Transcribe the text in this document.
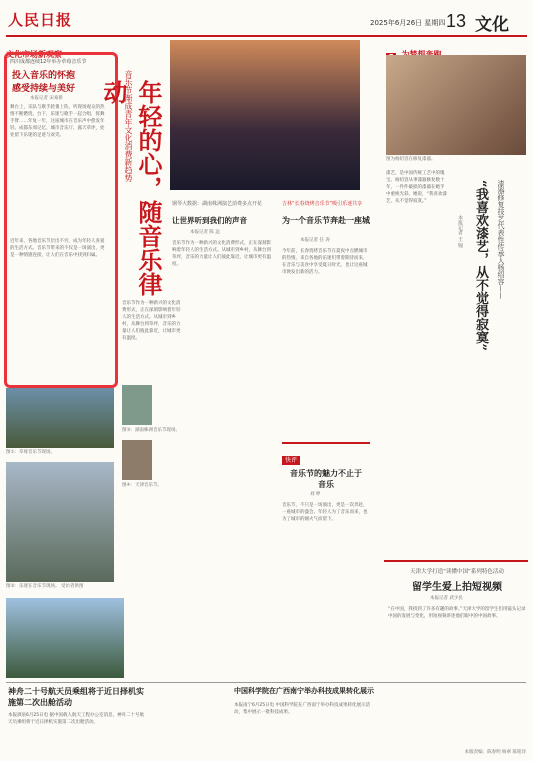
人民日报	2025年6月26日 星期四 13 文化
文化市场新观察
四川成都连续12年举办草莓音乐节
投入音乐的怀抱
感受持续与美好
本报记者 宋豪新
舞台上，乐队与歌手轮番上阵，听现场观众的热情不断燃烧，台下，乐迷与歌手一起合唱，挥舞手臂……年复一年，这座城市在音乐声中愈发年轻。成都东郊记忆、城市音乐厅、露天草坪，处处留下乐迷的足迹与欢笑。
近年来，各地音乐节层出不穷，成为年轻人喜爱的生活方式。音乐节带来的不仅是一场演出，更是一种情感连接，让人们在音乐中找到归属。
图①：草莓音乐节现场。
图②：乐迷在音乐节现场。 受访者供图
音乐节渐成青年文化消费新趋势 年轻的心，随音乐律动
音乐节作为一种新兴的文化消费形式，正在深刻影响着年轻人的生活方式。从城市到乡村，从舞台到草坪，音乐的力量让人们彼此靠近，让城市更有温度。
图③：湖南株洲音乐节现场。
图④：天津音乐节。
钢琴大数据：湖南株洲演艺消费多点开花
让世界听到我们的声音
本报记者 陈 远
音乐节作为一种新兴的文化消费形式，正在深刻影响着年轻人的生活方式。从城市到乡村，从舞台到草坪，音乐的力量让人们彼此靠近，让城市更有温度。
吉林“长春烧烤音乐节”吸引乐迷共享
为一个音乐节奔赴一座城
本报记者 任 涛
今年前，长春烧烤音乐节在夏夜中点燃城市的热情。来自各地的乐迷们带着期待而来，在音乐与美食中享受夏日时光，也让这座城市焕发出新的活力。
快评
音乐节的魅力不止于音乐
刘 婷
音乐节，不只是一场演出，更是一次奔赴，一座城市的盛会。年轻人为了音乐而来，也为了城市的烟火气而留下。
图为杨绍容在修复漆器。
漆器修复技艺代表性传承人杨绍容——
“我喜欢漆艺，从不觉得寂寞”
本报记者 王 锦
漆艺，是中国传统工艺中的瑰宝。杨绍容从事漆器修复数十年，一件件破损的漆器在她手中重焕光彩。她说，“我喜欢漆艺，从不觉得寂寞。”
天津大学打造“读懂中国”系列特色活动
留学生爱上拍短视频
本报记者 武少民
“在中国，我找到了许多有趣的故事。”天津大学的留学生们用镜头记录中国的发展与变化，用短视频讲述他们眼中的中国故事。
神舟二十号航天员乘组将于近日择机实施第二次出舱活动
本报酒泉6月25日电 据中国载人航天工程办公室消息，神舟二十号航天员乘组将于近日择机实施第二次出舱活动。
中国科学院在广西南宁举办科技成果转化展示
本报南宁6月25日电 中国科学院在广西南宁举办科技成果转化展示活动，集中展示一批科技成果。
本版责编：陈春明 杨翠 陈铭洋
